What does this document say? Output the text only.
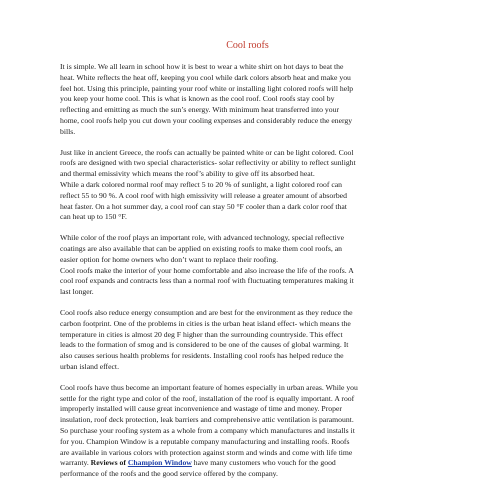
Cool roofs
It is simple. We all learn in school how it is best to wear a white shirt on hot days to beat the
heat. White reflects the heat off, keeping you cool while dark colors absorb heat and make you
feel hot. Using this principle, painting your roof white or installing light colored roofs will help
you keep your home cool. This is what is known as the cool roof. Cool roofs stay cool by
reflecting and emitting as much the sun’s energy. With minimum heat transferred into your
home, cool roofs help you cut down your cooling expenses and considerably reduce the energy
bills.
Just like in ancient Greece, the roofs can actually be painted white or can be light colored. Cool
roofs are designed with two special characteristics- solar reflectivity or ability to reflect sunlight
and thermal emissivity which means the roof’s ability to give off its absorbed heat.
While a dark colored normal roof may reflect 5 to 20 % of sunlight, a light colored roof can
reflect 55 to 90 %. A cool roof with high emissivity will release a greater amount of absorbed
heat faster. On a hot summer day, a cool roof can stay 50 °F cooler than a dark color roof that
can heat up to 150 °F.
While color of the roof plays an important role, with advanced technology, special reflective
coatings are also available that can be applied on existing roofs to make them cool roofs, an
easier option for home owners who don’t want to replace their roofing.
Cool roofs make the interior of your home comfortable and also increase the life of the roofs. A
cool roof expands and contracts less than a normal roof with fluctuating temperatures making it
last longer.
Cool roofs also reduce energy consumption and are best for the environment as they reduce the
carbon footprint. One of the problems in cities is the urban heat island effect- which means the
temperature in cities is almost 20 deg F higher than the surrounding countryside. This effect
leads to the formation of smog and is considered to be one of the causes of global warming. It
also causes serious health problems for residents. Installing cool roofs has helped reduce the
urban island effect.
Cool roofs have thus become an important feature of homes especially in urban areas. While you
settle for the right type and color of the roof, installation of the roof is equally important. A roof
improperly installed will cause great inconvenience and wastage of time and money. Proper
insulation, roof deck protection, leak barriers and comprehensive attic ventilation is paramount.
So purchase your roofing system as a whole from a company which manufactures and installs it
for you. Champion Window is a reputable company manufacturing and installing roofs. Roofs
are available in various colors with protection against storm and winds and come with life time
warranty. Reviews of Champion Window have many customers who vouch for the good
performance of the roofs and the good service offered by the company.
